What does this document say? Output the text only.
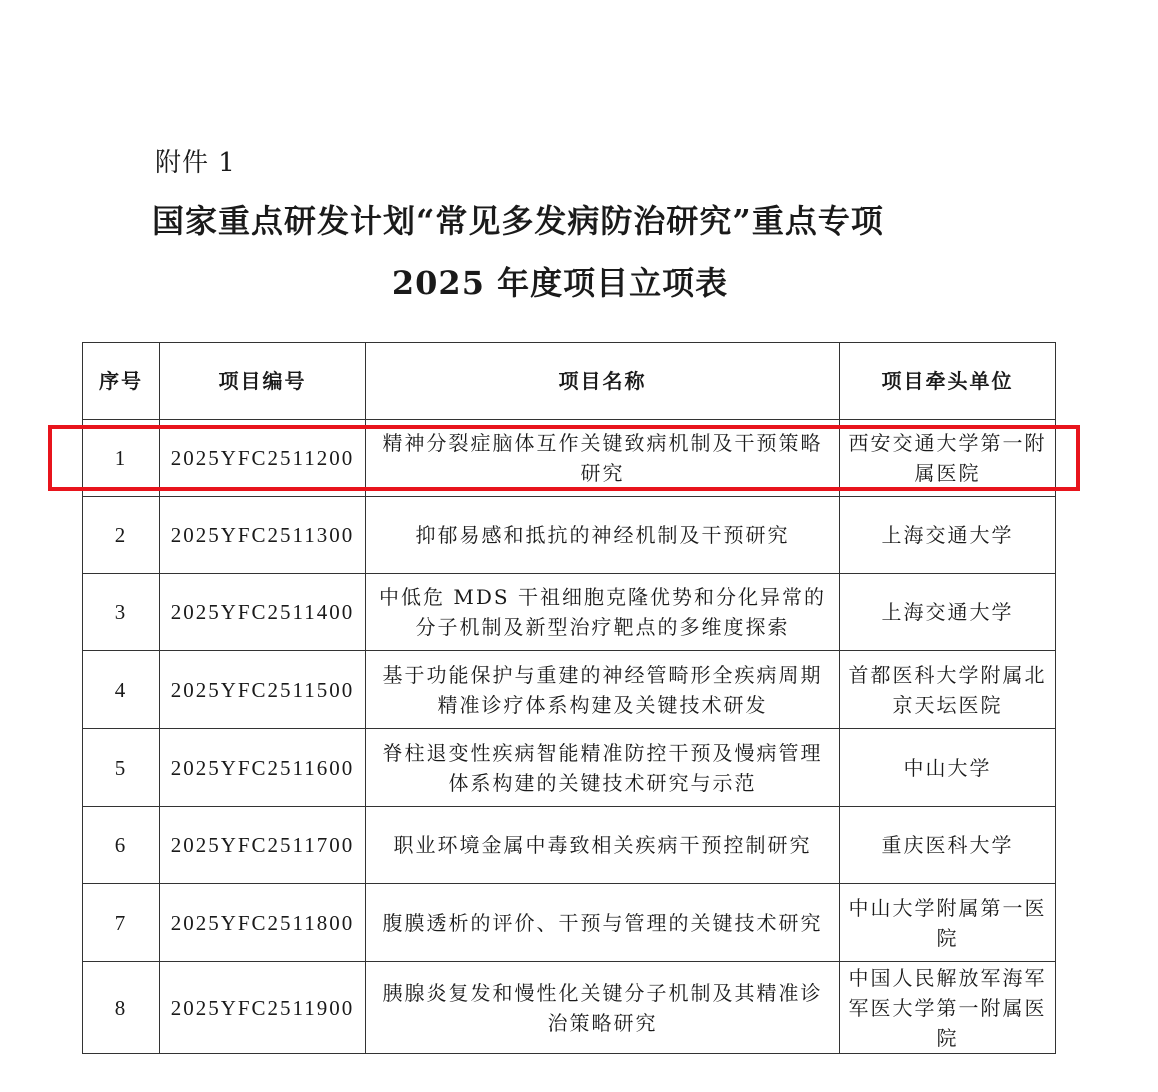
附件 1
国家重点研发计划“常见多发病防治研究”重点专项
2025 年度项目立项表
序号	项目编号	项目名称	项目牵头单位
1	2025YFC2511200	精神分裂症脑体互作关键致病机制及干预策略研究	西安交通大学第一附属医院
2	2025YFC2511300	抑郁易感和抵抗的神经机制及干预研究	上海交通大学
3	2025YFC2511400	中低危 MDS 干祖细胞克隆优势和分化异常的分子机制及新型治疗靶点的多维度探索	上海交通大学
4	2025YFC2511500	基于功能保护与重建的神经管畸形全疾病周期精准诊疗体系构建及关键技术研发	首都医科大学附属北京天坛医院
5	2025YFC2511600	脊柱退变性疾病智能精准防控干预及慢病管理体系构建的关键技术研究与示范	中山大学
6	2025YFC2511700	职业环境金属中毒致相关疾病干预控制研究	重庆医科大学
7	2025YFC2511800	腹膜透析的评价、干预与管理的关键技术研究	中山大学附属第一医院
8	2025YFC2511900	胰腺炎复发和慢性化关键分子机制及其精准诊治策略研究	中国人民解放军海军军医大学第一附属医院
